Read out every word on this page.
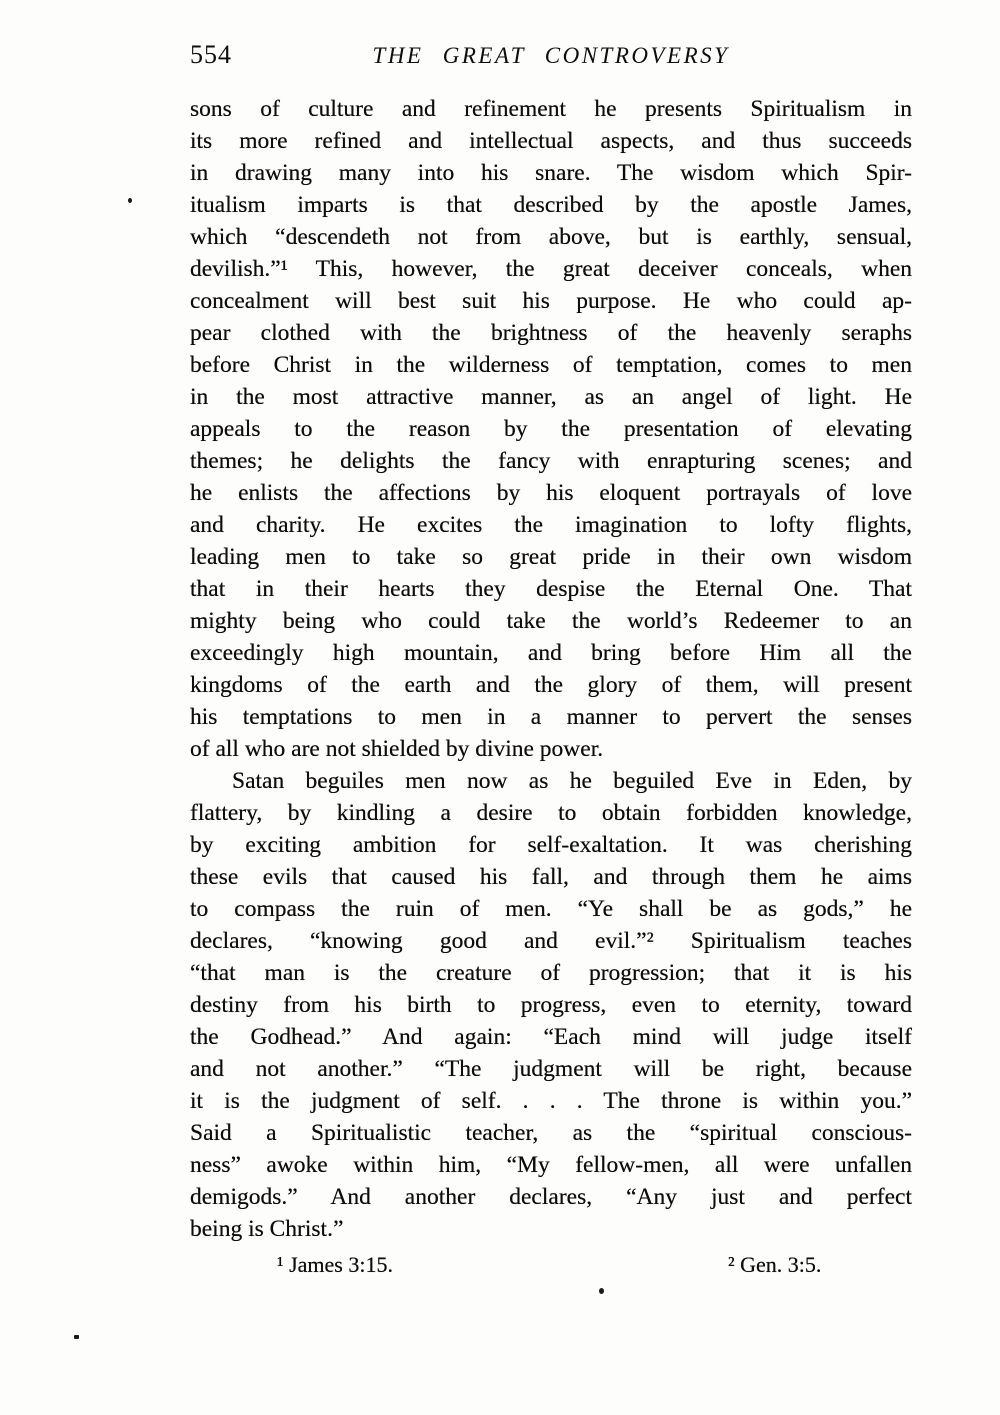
554	THE GREAT CONTROVERSY
sons of culture and refinement he presents Spiritualism in
its more refined and intellectual aspects, and thus succeeds
in drawing many into his snare. The wisdom which Spir-
itualism imparts is that described by the apostle James,
which “descendeth not from above, but is earthly, sensual,
devilish.”¹ This, however, the great deceiver conceals, when
concealment will best suit his purpose. He who could ap-
pear clothed with the brightness of the heavenly seraphs
before Christ in the wilderness of temptation, comes to men
in the most attractive manner, as an angel of light. He
appeals to the reason by the presentation of elevating
themes; he delights the fancy with enrapturing scenes; and
he enlists the affections by his eloquent portrayals of love
and charity. He excites the imagination to lofty flights,
leading men to take so great pride in their own wisdom
that in their hearts they despise the Eternal One. That
mighty being who could take the world’s Redeemer to an
exceedingly high mountain, and bring before Him all the
kingdoms of the earth and the glory of them, will present
his temptations to men in a manner to pervert the senses
of all who are not shielded by divine power.
Satan beguiles men now as he beguiled Eve in Eden, by
flattery, by kindling a desire to obtain forbidden knowledge,
by exciting ambition for self-exaltation. It was cherishing
these evils that caused his fall, and through them he aims
to compass the ruin of men. “Ye shall be as gods,” he
declares, “knowing good and evil.”² Spiritualism teaches
“that man is the creature of progression; that it is his
destiny from his birth to progress, even to eternity, toward
the Godhead.” And again: “Each mind will judge itself
and not another.” “The judgment will be right, because
it is the judgment of self. . . . The throne is within you.”
Said a Spiritualistic teacher, as the “spiritual conscious-
ness” awoke within him, “My fellow-men, all were unfallen
demigods.” And another declares, “Any just and perfect
being is Christ.”
¹ James 3:15.	² Gen. 3:5.
